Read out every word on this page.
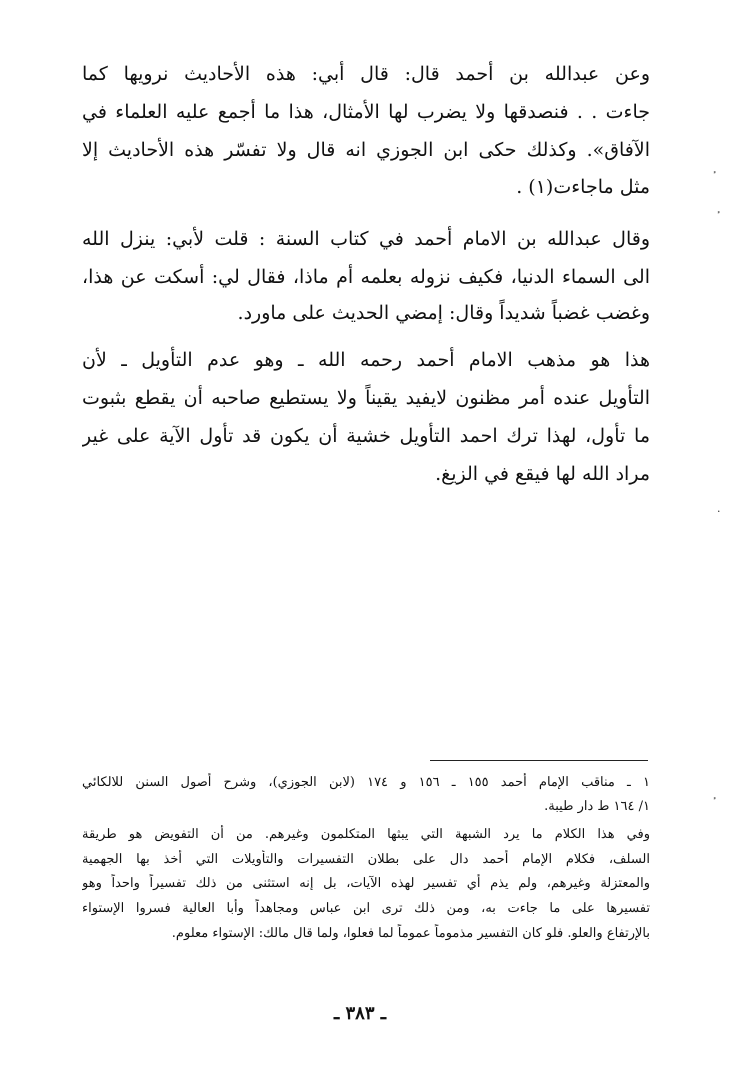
وعن عبدالله بن أحمد قال: قال أبي: هذه الأحاديث نرويها كما
جاءت . . فنصدقها ولا يضرب لها الأمثال، هذا ما أجمع عليه العلماء في
الآفاق». وكذلك حكى ابن الجوزي انه قال ولا تفسّر هذه الأحاديث إلا
مثل ماجاءت(١) .
وقال عبدالله بن الامام أحمد في كتاب السنة : قلت لأبي: ينزل الله
الى السماء الدنيا، فكيف نزوله بعلمه أم ماذا، فقال لي: أسكت عن هذا،
وغضب غضباً شديداً وقال: إمضي الحديث على ماورد.
هذا هو مذهب الامام أحمد رحمه الله ـ وهو عدم التأويل ـ لأن
التأويل عنده أمر مظنون لايفيد يقيناً ولا يستطيع صاحبه أن يقطع بثبوت
ما تأول، لهذا ترك احمد التأويل خشية أن يكون قد تأول الآية على غير
مراد الله لها فيقع في الزيغ.
١ ـ مناقب الإمام أحمد ١٥٥ ـ ١٥٦ و ١٧٤ (لابن الجوزي)، وشرح أصول السنن للالكائي
١/ ١٦٤ ط دار طيبة.
وفي هذا الكلام ما يرد الشبهة التي يبثها المتكلمون وغيرهم. من أن التفويض هو طريقة
السلف، فكلام الإمام أحمد دال على بطلان التفسيرات والتأويلات التي أخذ بها الجهمية
والمعتزلة وغيرهم، ولم يذم أي تفسير لهذه الآيات، بل إنه استثنى من ذلك تفسيراً واحداً وهو
تفسيرها على ما جاءت به، ومن ذلك ترى ابن عباس ومجاهداً وأبا العالية فسروا الإستواء
بالإرتفاع والعلو. فلو كان التفسير مذموماً عموماً لما فعلوا، ولما قال مالك: الإستواء معلوم.
ـ ٣٨٣ ـ
·
